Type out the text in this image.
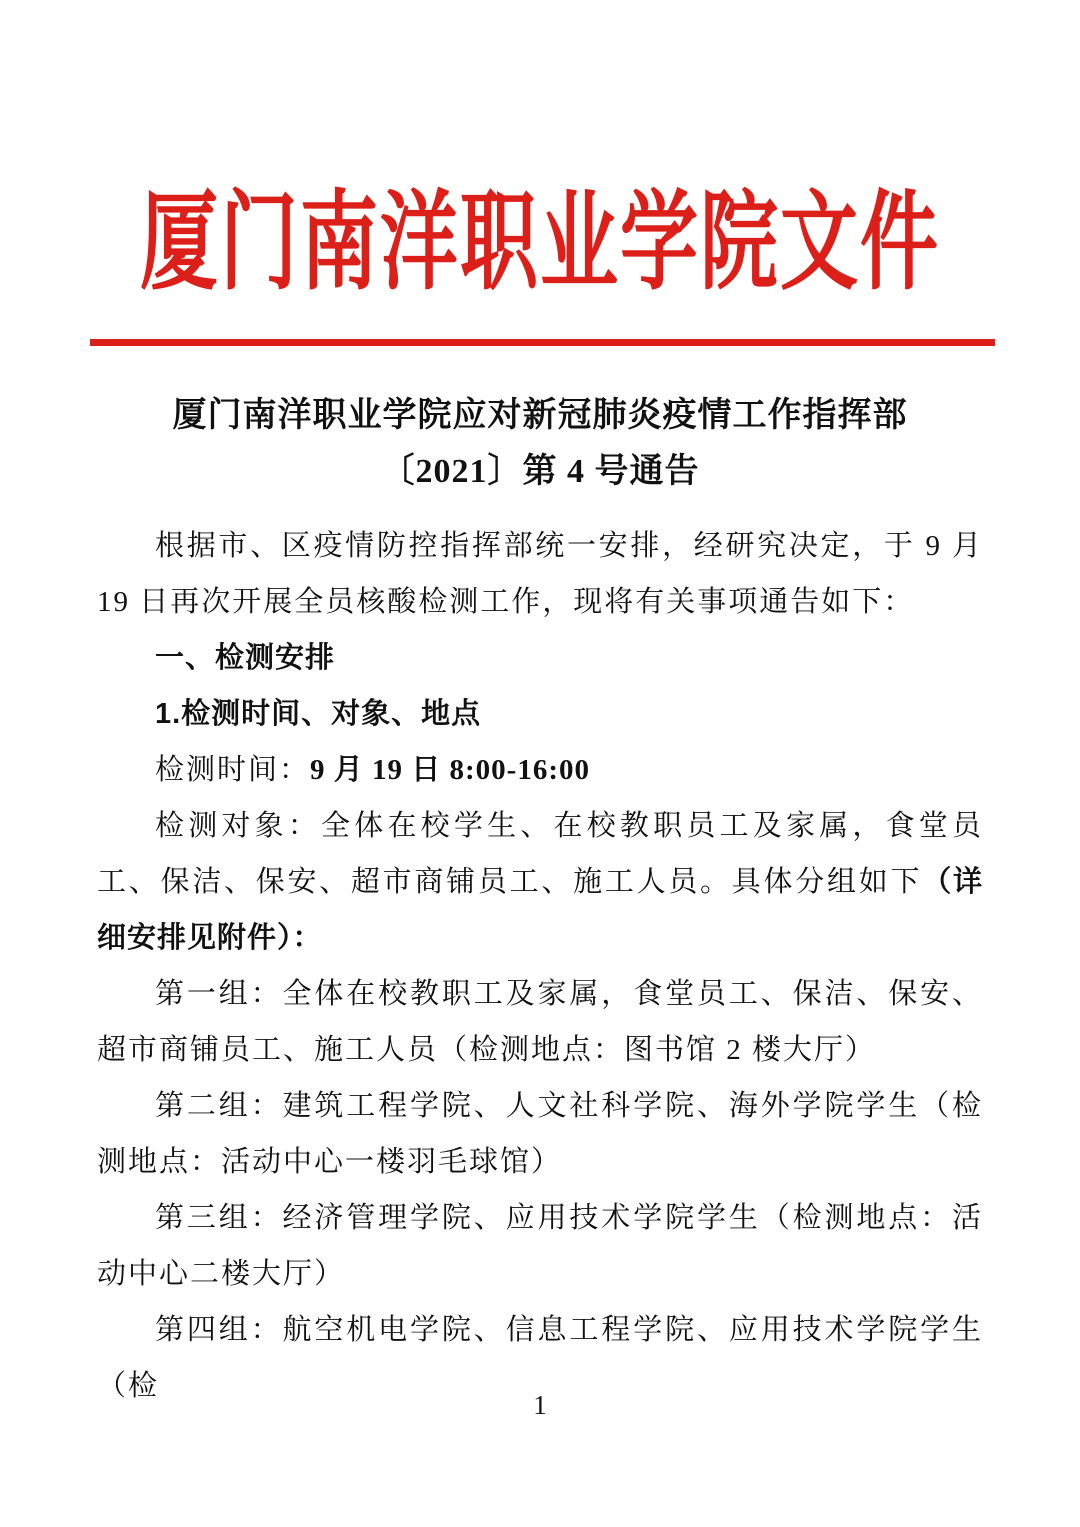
厦门南洋职业学院文件
厦门南洋职业学院应对新冠肺炎疫情工作指挥部
〔2021〕第 4 号通告

根据市、区疫情防控指挥部统一安排，经研究决定，于 9 月 19 日再次开展全员核酸检测工作，现将有关事项通告如下：

一、检测安排

1.检测时间、对象、地点

检测时间：9 月 19 日 8:00-16:00

检测对象：全体在校学生、在校教职员工及家属，食堂员工、保洁、保安、超市商铺员工、施工人员。具体分组如下（详细安排见附件）：

第一组：全体在校教职工及家属，食堂员工、保洁、保安、超市商铺员工、施工人员（检测地点：图书馆 2 楼大厅）

第二组：建筑工程学院、人文社科学院、海外学院学生（检测地点：活动中心一楼羽毛球馆）

第三组：经济管理学院、应用技术学院学生（检测地点：活动中心二楼大厅）

第四组：航空机电学院、信息工程学院、应用技术学院学生（检

1
